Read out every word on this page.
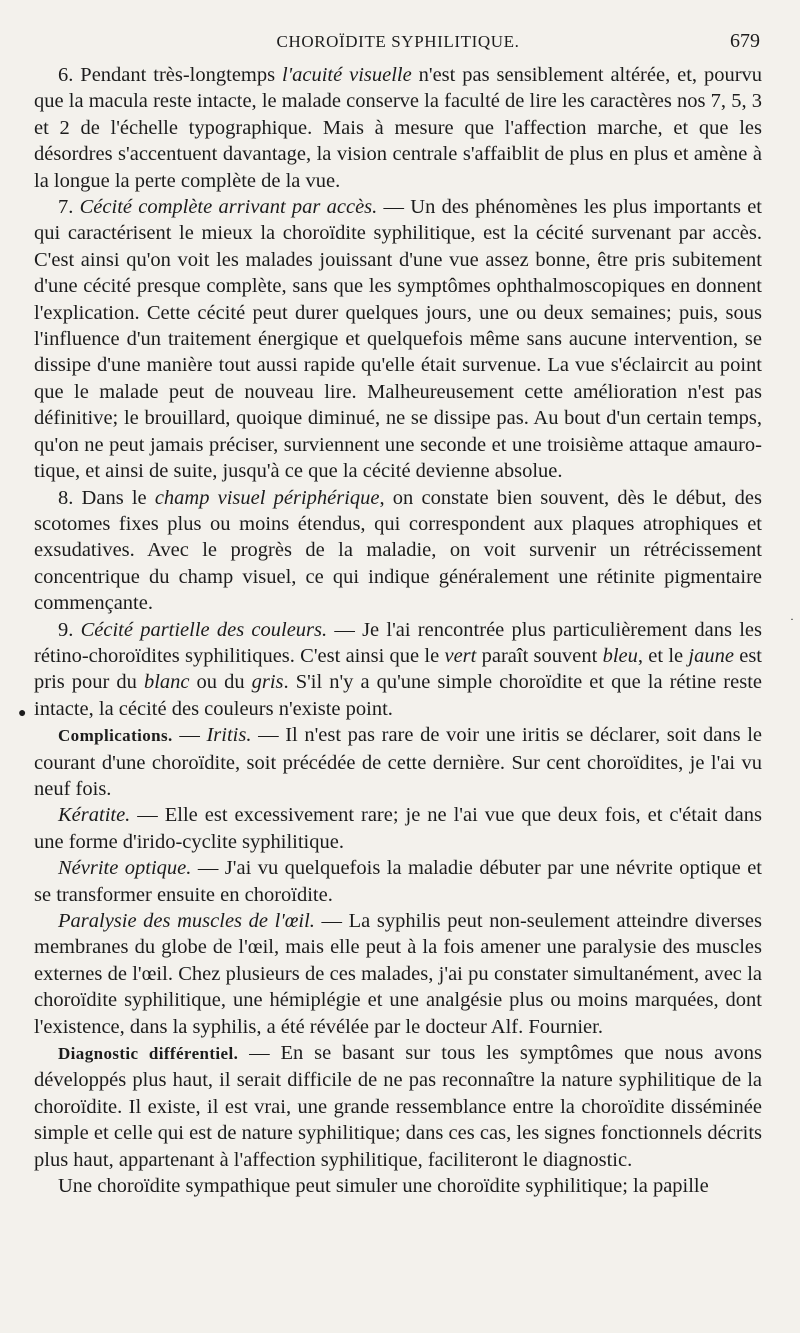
CHOROÏDITE SYPHILITIQUE.	679

6. Pendant très-longtemps l'acuité visuelle n'est pas sensiblement altérée, et, pourvu que la macula reste intacte, le malade conserve la faculté de lire les caractères nos 7, 5, 3 et 2 de l'échelle typographique. Mais à mesure que l'affection marche, et que les désordres s'accentuent davantage, la vision centrale s'affaiblit de plus en plus et amène à la longue la perte complète de la vue.

7. Cécité complète arrivant par accès. — Un des phénomènes les plus importants et qui caractérisent le mieux la choroïdite syphilitique, est la cécité survenant par accès. C'est ainsi qu'on voit les malades jouissant d'une vue assez bonne, être pris subitement d'une cécité presque complète, sans que les symptômes ophthalmoscopiques en donnent l'explication. Cette cécité peut durer quelques jours, une ou deux semaines; puis, sous l'influence d'un traitement énergique et quelquefois même sans aucune intervention, se dissipe d'une manière tout aussi rapide qu'elle était survenue. La vue s'éclaircit au point que le malade peut de nouveau lire. Malheureusement cette amélioration n'est pas définitive; le brouillard, quoique diminué, ne se dissipe pas. Au bout d'un certain temps, qu'on ne peut jamais préciser, surviennent une seconde et une troisième attaque amaurotique, et ainsi de suite, jusqu'à ce que la cécité devienne absolue.

8. Dans le champ visuel périphérique, on constate bien souvent, dès le début, des scotomes fixes plus ou moins étendus, qui correspondent aux plaques atrophiques et exsudatives. Avec le progrès de la maladie, on voit survenir un rétrécissement concentrique du champ visuel, ce qui indique généralement une rétinite pigmentaire commençante.

9. Cécité partielle des couleurs. — Je l'ai rencontrée plus particulièrement dans les rétino-choroïdites syphilitiques. C'est ainsi que le vert paraît souvent bleu, et le jaune est pris pour du blanc ou du gris. S'il n'y a qu'une simple choroïdite et que la rétine reste intacte, la cécité des couleurs n'existe point.

Complications. — Iritis. — Il n'est pas rare de voir une iritis se déclarer, soit dans le courant d'une choroïdite, soit précédée de cette dernière. Sur cent choroïdites, je l'ai vu neuf fois.

Kératite. — Elle est excessivement rare; je ne l'ai vue que deux fois, et c'était dans une forme d'irido-cyclite syphilitique.

Névrite optique. — J'ai vu quelquefois la maladie débuter par une névrite optique et se transformer ensuite en choroïdite.

Paralysie des muscles de l'œil. — La syphilis peut non-seulement atteindre diverses membranes du globe de l'œil, mais elle peut à la fois amener une paralysie des muscles externes de l'œil. Chez plusieurs de ces malades, j'ai pu constater simultanément, avec la choroïdite syphilitique, une hémiplégie et une analgésie plus ou moins marquées, dont l'existence, dans la syphilis, a été révélée par le docteur Alf. Fournier.

Diagnostic différentiel. — En se basant sur tous les symptômes que nous avons développés plus haut, il serait difficile de ne pas reconnaître la nature syphilitique de la choroïdite. Il existe, il est vrai, une grande ressemblance entre la choroïdite disséminée simple et celle qui est de nature syphilitique; dans ces cas, les signes fonctionnels décrits plus haut, appartenant à l'affection syphilitique, faciliteront le diagnostic.

Une choroïdite sympathique peut simuler une choroïdite syphilitique; la papille

●
·
